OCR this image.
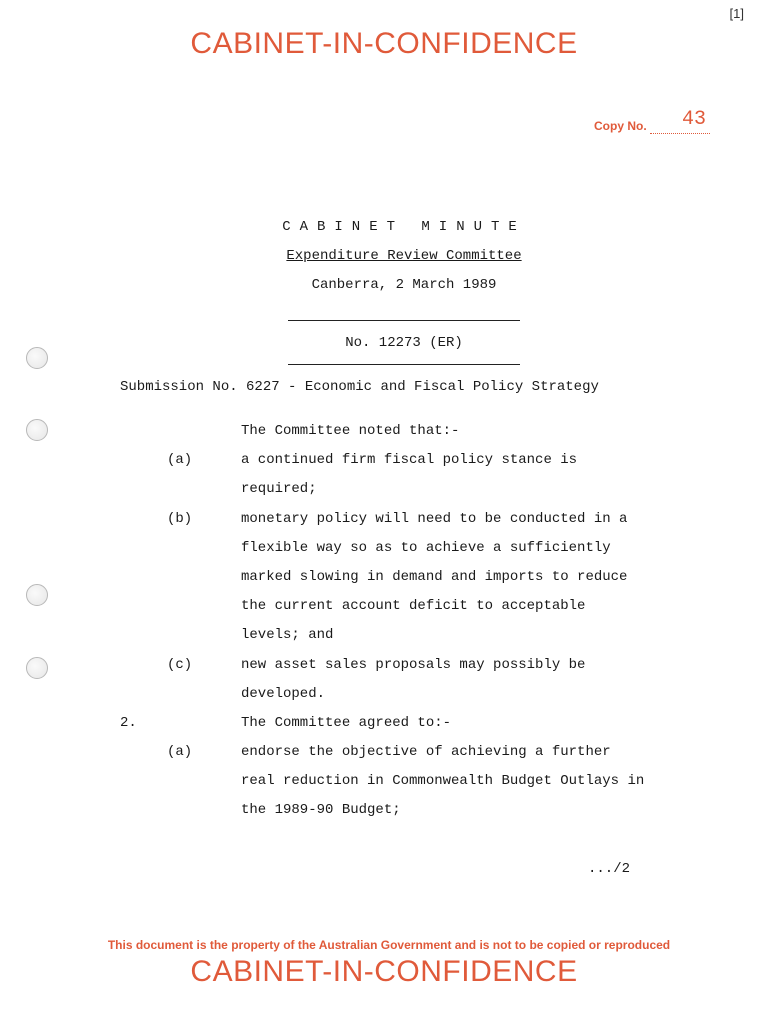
[1]
CABINET-IN-CONFIDENCE
Copy No. 43
CABINET MINUTE
Expenditure Review Committee
Canberra, 2 March 1989
No. 12273 (ER)
Submission No. 6227 - Economic and Fiscal Policy Strategy
The Committee noted that:-
(a)	a continued firm fiscal policy stance is
required;
(b)	monetary policy will need to be conducted in a
flexible way so as to achieve a sufficiently
marked slowing in demand and imports to reduce
the current account deficit to acceptable
levels; and
(c)	new asset sales proposals may possibly be
developed.
2.	The Committee agreed to:-
(a)	endorse the objective of achieving a further
real reduction in Commonwealth Budget Outlays in
the 1989-90 Budget;
.../2
This document is the property of the Australian Government and is not to be copied or reproduced
CABINET-IN-CONFIDENCE
